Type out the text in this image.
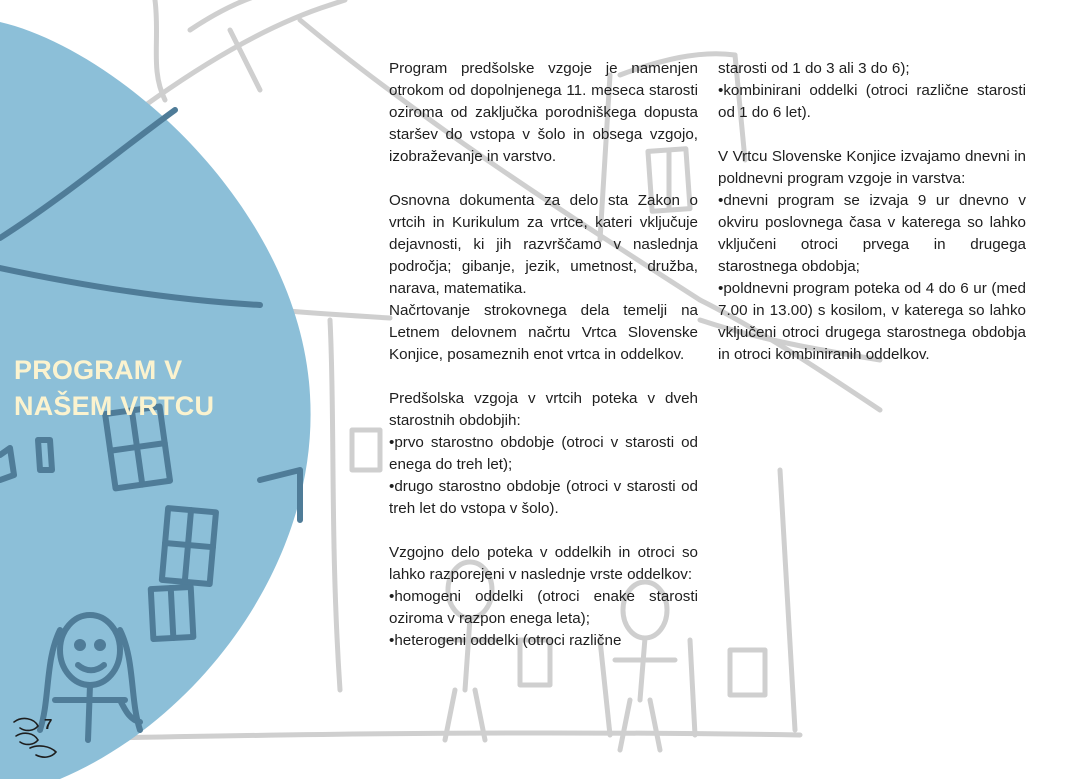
PROGRAM V
NAŠEM VRTCU
7

Program predšolske vzgoje je namenjen otrokom od dopolnjenega 11. meseca starosti oziroma od zaključka porodniškega dopusta staršev do vstopa v šolo in obsega vzgojo, izobraževanje in varstvo.

Osnovna dokumenta za delo sta Zakon o vrtcih in Kurikulum za vrtce, kateri vključuje dejavnosti, ki jih razvrščamo v naslednja področja; gibanje, jezik, umetnost, družba, narava, matematika.

Načrtovanje strokovnega dela temelji na Letnem delovnem načrtu Vrtca Slovenske Konjice, posameznih enot vrtca in oddelkov.

Predšolska vzgoja v vrtcih poteka v dveh starostnih obdobjih:

•prvo starostno obdobje (otroci v starosti od enega do treh let);

•drugo starostno obdobje (otroci v starosti od treh let do vstopa v šolo).

Vzgojno delo poteka v oddelkih in otroci so lahko razporejeni v naslednje vrste oddelkov:

•homogeni oddelki (otroci enake starosti oziroma v razpon enega leta);

•heterogeni oddelki (otroci različne

starosti od 1 do 3 ali 3 do 6);

•kombinirani oddelki (otroci različne starosti od 1 do 6 let).

V Vrtcu Slovenske Konjice izvajamo dnevni in poldnevni program vzgoje in varstva:

•dnevni program se izvaja 9 ur dnevno v okviru poslovnega časa v katerega so lahko vključeni otroci prvega in drugega starostnega obdobja;

•poldnevni program poteka od 4 do 6 ur (med 7.00 in 13.00) s kosilom, v katerega so lahko vključeni otroci drugega starostnega obdobja in otroci kombiniranih oddelkov.
